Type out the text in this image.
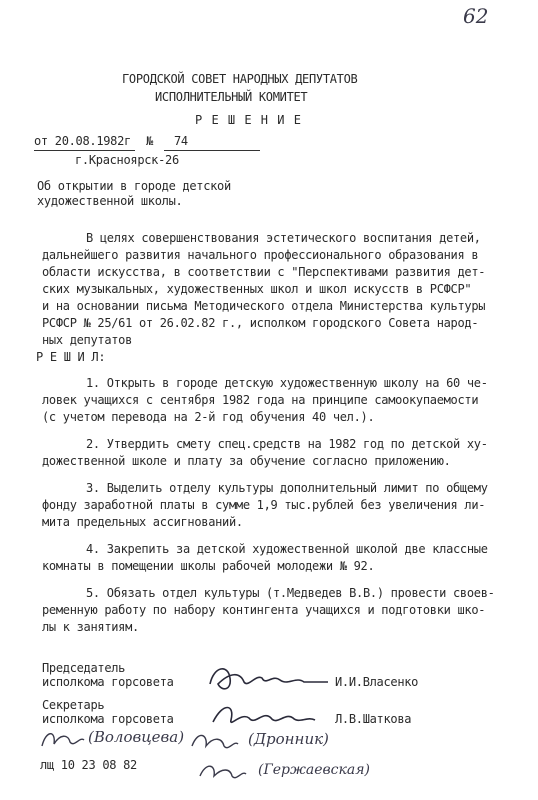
62
ГОРОДСКОЙ СОВЕТ НАРОДНЫХ ДЕПУТАТОВ
ИСПОЛНИТЕЛЬНЫЙ КОМИТЕТ
Р Е Ш Е Н И Е
от 20.08.1982г	№	74
г.Красноярск-26
Об открытии в городе детской
художественной школы.
В целях совершенствования эстетического воспитания детей,
дальнейшего развития начального профессионального образования в
области искусства, в соответствии с "Перспективами развития дет-
ских музыкальных, художественных школ и школ искусств в РСФСР"
и на основании письма Методического отдела Министерства культуры
РСФСР № 25/61 от 26.02.82 г., исполком городского Совета народ-
ных депутатов
Р Е Ш И Л:
1. Открыть в городе детскую художественную школу на 60 че-
ловек учащихся с сентября 1982 года на принципе самоокупаемости
(с учетом перевода на 2-й год обучения 40 чел.).
2. Утвердить смету спец.средств на 1982 год по детской ху-
дожественной школе и плату за обучение согласно приложению.
3. Выделить отделу культуры дополнительный лимит по общему
фонду заработной платы в сумме 1,9 тыс.рублей без увеличения ли-
мита предельных ассигнований.
4. Закрепить за детской художественной школой две классные
комнаты в помещении школы рабочей молодежи № 92.
5. Обязать отдел культуры (т.Медведев В.В.) провести своев-
ременную работу по набору контингента учащихся и подготовки шко-
лы к занятиям.
Председатель
исполкома горсовета	И.И.Власенко
Секретарь
исполкома горсовета	Л.В.Шаткова
(Воловцева)	(Дронник)
лщ 10 23 08 82	(Гержаевская)
